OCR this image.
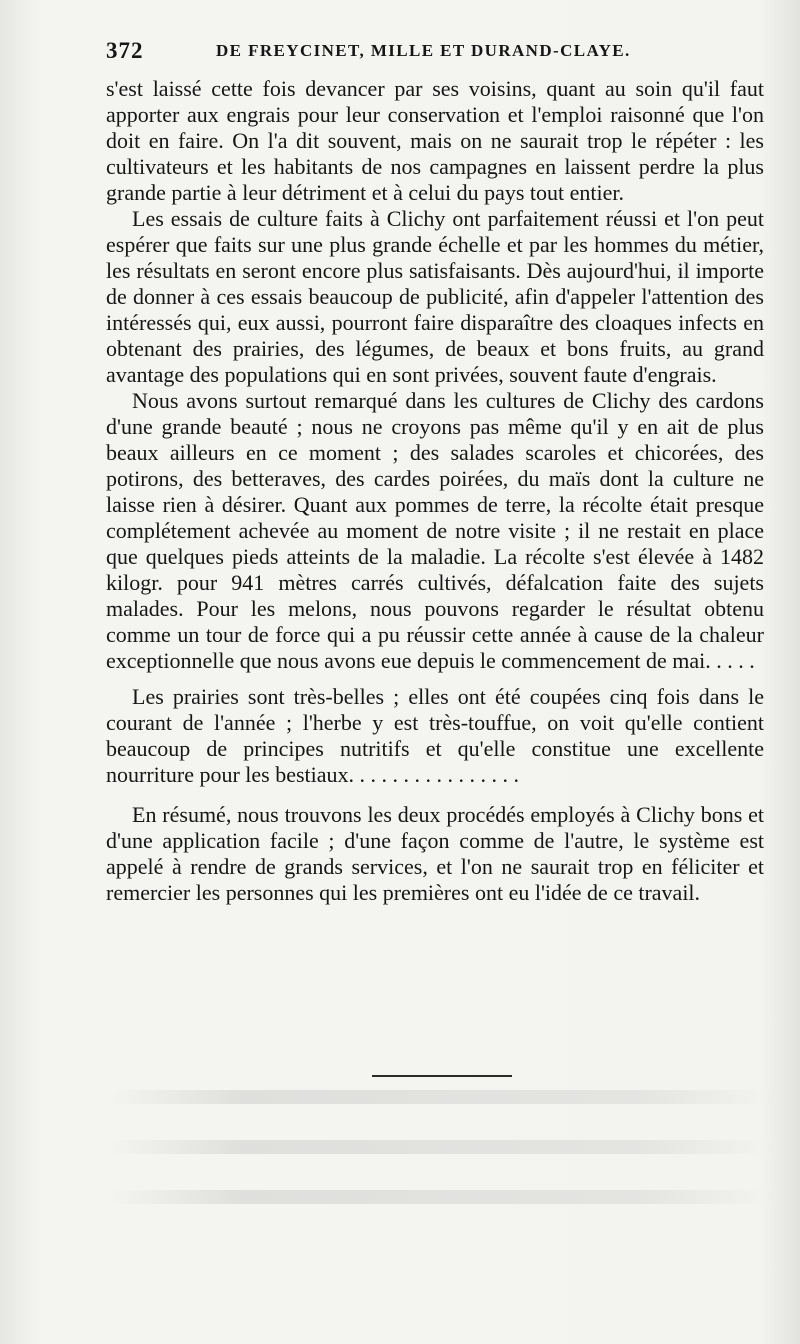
372	DE FREYCINET, MILLE ET DURAND-CLAYE.

s'est laissé cette fois devancer par ses voisins, quant au soin qu'il faut apporter aux engrais pour leur conservation et l'emploi raisonné que l'on doit en faire. On l'a dit souvent, mais on ne saurait trop le répéter : les cultivateurs et les habitants de nos campagnes en laissent perdre la plus grande partie à leur détriment et à celui du pays tout entier.

Les essais de culture faits à Clichy ont parfaitement réussi et l'on peut espérer que faits sur une plus grande échelle et par les hommes du métier, les résultats en seront encore plus satisfaisants. Dès aujourd'hui, il importe de donner à ces essais beaucoup de publicité, afin d'appeler l'attention des intéressés qui, eux aussi, pourront faire disparaître des cloaques infects en obtenant des prairies, des légumes, de beaux et bons fruits, au grand avantage des populations qui en sont privées, souvent faute d'engrais.

Nous avons surtout remarqué dans les cultures de Clichy des cardons d'une grande beauté ; nous ne croyons pas même qu'il y en ait de plus beaux ailleurs en ce moment ; des salades scaroles et chicorées, des potirons, des betteraves, des cardes poirées, du maïs dont la culture ne laisse rien à désirer. Quant aux pommes de terre, la récolte était presque complétement achevée au moment de notre visite ; il ne restait en place que quelques pieds atteints de la maladie. La récolte s'est élevée à 1482 kilogr. pour 941 mètres carrés cultivés, défalcation faite des sujets malades. Pour les melons, nous pouvons regarder le résultat obtenu comme un tour de force qui a pu réussir cette année à cause de la chaleur exceptionnelle que nous avons eue depuis le commencement de mai. . . . .

Les prairies sont très-belles ; elles ont été coupées cinq fois dans le courant de l'année ; l'herbe y est très-touffue, on voit qu'elle contient beaucoup de principes nutritifs et qu'elle constitue une excellente nourriture pour les bestiaux. . . . . . . . . . . . . . . .

En résumé, nous trouvons les deux procédés employés à Clichy bons et d'une application facile ; d'une façon comme de l'autre, le système est appelé à rendre de grands services, et l'on ne saurait trop en féliciter et remercier les personnes qui les premières ont eu l'idée de ce travail.
